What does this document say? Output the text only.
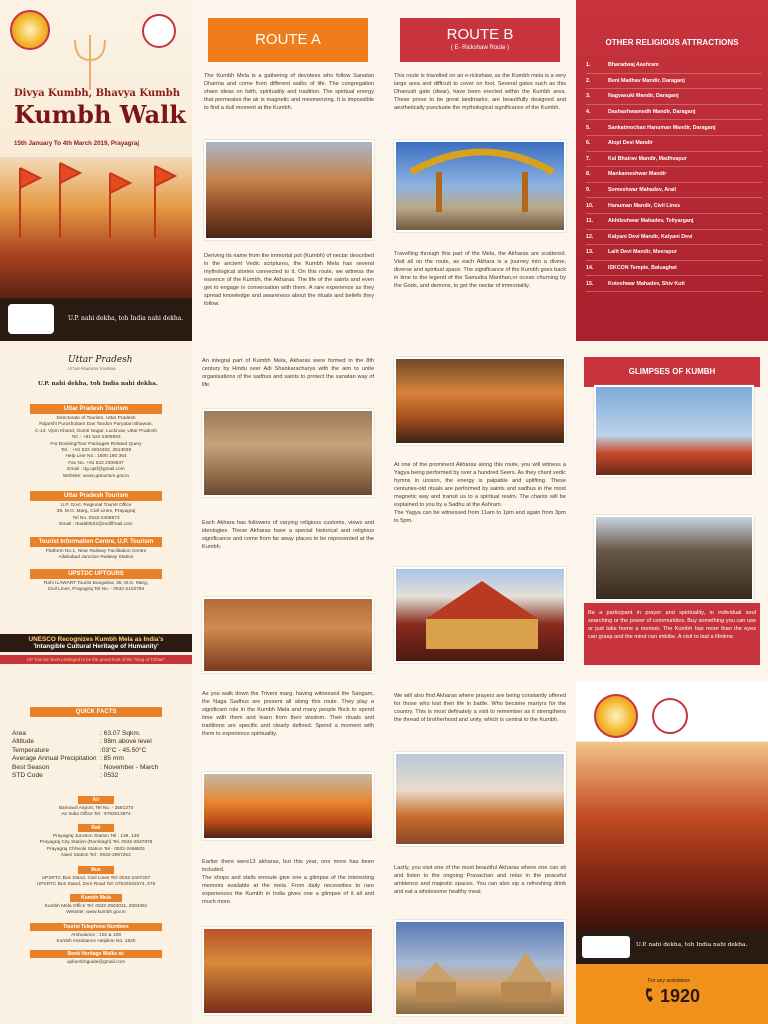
Divya Kumbh, Bhavya Kumbh
Kumbh Walk
15th January To 4th March 2019, Prayagraj
U.P. nahi dekha, toh India nahi dekha.
ROUTE A
The Kumbh Mela is a gathering of devotees who follow Sanatan Dharma and come from different walks of life. The congregation share ideas on faith, spirituality and tradition. The spiritual energy that permeates the air is magnetic and mesmerizing. It is impossible to find a dull moment at the Kumbh.
Deriving its name from the immortal pot (Kumbh) of nectar described in the ancient Vedic scriptures, the Kumbh Mela has several mythological stories connected to it. On this route, we witness the essence of the Kumbh, the Akharas. The life of the saints and even get to engage in conversation with them. A rare experience as they spread knowledge and awareness about the rituals and beliefs they follow.
ROUTE B
( E- Rickshaw Route )
This route is travelled on an e-rickshaw, as the Kumbh mela is a very large area and difficult to cover on foot. Several gates such as this Dhanush gate (dwar), have been erected within the Kumbh area. These prove to be great landmarks, are beautifully designed and aesthetically punctuate the mythological significance of the Kumbh.
Travelling through this part of the Mela, the Akharas are scattered. Visit all on the route, as each Akhara is a journey into a divine, diverse and spiritual space. The significance of the Kumbh goes back in time to the legend of the Samudra Manthan,or ocean churning by the Gods, and demons, to get the nectar of immortality.
OTHER RELIGIOUS ATTRACTIONS
1.	Bharadwaj Aashram
2.	Beni Madhav Mandir, Daraganj
3.	Nagvasuki Mandir, Daraganj
4.	Dashashwamedh Mandir, Daraganj
5.	Sankatmochan Hanuman Mandir, Daraganj
6.	Alopi Devi Mandir
7.	Kal Bhairav Mandir, Madhvapur
8.	Mankameshwar Mandir
9.	Someshwar Mahadev, Arail
10.	Hanuman Mandir, Civil Lines
11.	Akhileshwar Mahadev, Teliyarganj
12.	Kalyani Devi Mandir, Kalyani Devi
13.	Lalit Devi Mandir, Meerapur
14.	ISKCON Temple, Baluaghat
15.	Koteshwar Mahadev, Shiv Kuti
Uttar Pradesh
UTTAR PRADESH TOURISM
U.P. nahi dekha, toh India nahi dekha.
Uttar Pradesh Tourism
Directorate of Tourism, Uttar Pradesh
Rajarshi Purushottam Das Tandon Paryatan Bhawan,
C-13, Vipin Khand, Gomti Nagar, Lucknow, Uttar Pradesh
Tel. : +91 522-2308993
For Booking/Tour Packages Related Query
Tel. : +91 522 4004402, 2613639
Help Line No.: 1800 180 364
Fax No. +91 522 2308937
Email : dg.uptf@gmail.com
Website: www.uptourism.gov.in
Uttar Pradesh Tourism
U.P. Govt. Regional Tourist Office
35, M.G. Marg, Civil Lines, Prayagraj
Tel No. 0532-2408873
Email : rtoald0532@rediffmail.com
Tourist Information Centre, U.P. Tourism
Platform No.1, Near Railway Facilitation Centre
Allahabad Junction Railway Station
UPSTDC UPTOURS
Rahi ILAWART Tourist Bungalow, 35, M.G. Marg,
Civil Lines, Prayagraj Tel No. - 0532-2102784
UNESCO Recognizes Kumbh Mela as India's
'Intangible Cultural Heritage of Humanity'
UP Tourism feels privileged to be the proud host of the "King of Tirthas"
An integral part of Kumbh Mela, Akharas were formed in the 8th century by Hindu seer Adi Shankaracharya with the aim to unite organisations of the sadhus and saints to protect the sanatan way of life.
Each Akhara has followers of varying religious customs, views and ideologies. These Akharas have a special historical and religious significance and come from far away places to be represented at the Kumbh.
At one of the prominent Akharas along this route, you will witness a Yagya being performed by over a hundred Seers. As they chant vedic hymns in unison, the energy is palpable and uplifting. These centuries-old rituals are performed by saints and sadhus in the most magnetic way and transit us to a spiritual realm. The chants will be explained to you by a Sadhu at the Ashram.
The Yagya can be witnessed from 11am to 1pm and again from 3pm to 5pm.
GLIMPSES OF KUMBH
Be a participant in prayer and spirituality, in individual soul searching or the power of communities. Buy something you can use or just take home a memoir. The Kumbh has more than the eyes can grasp and the mind can imbibe. A visit to last a lifetime.
QUICK FACTS
Area	: 63.07 Sqkm.
Altitude	: 98m above level
Temperature	:03°C - 45.50°C
Average Annual Precipitation : 85 mm
Best Season	: November - March
STD Code	: 0532
Air
Bamrauli Airport, Tel No. - 2581370
Air India Office Tel : 9793013874
Rail
Prayagraj Junction Station Tel : 138, 139
Prayagraj City Station (Rambagh) Tel. 0532-2537978
Prayagraj Chheoki Station Tel - 0532-2466831
Naini Station Tel : 0532-2697252
Bus
UPSRTC Bus Stand, Civil Lines Tel: 0532-2407257
UPSRTC Bus Stand, Zero Road Tel: 07525022574, 576
Kumbh Mela
Kumbh Mela Office Tel: 0532-2504011, 2504361
Website: www.kumbh.gov.in
Tourist Telephone Numbers
Ambulance : 102 & 108
Kumbh Assistance Helpline No. 1920
Book Heritage Walks at:
upkumbhguide@gmail.com
As you walk down the Triveni marg, having witnessed the Sangam, the Naga Sadhus are present all along this route. They play a significant role in the Kumbh Mela and many people flock to spend time with them and learn from their wisdom. Their rituals and traditions are specific and clearly defined. Spend a moment with them to experience spirituality.
Earlier there were13 akharas, but this year, one more has been included.
The shops and stalls enroute give one a glimpse of the interesting memoirs available at the mela. From daily necessities to rare experiences the Kumbh in India gives one a glimpse of it all and much more.
We will also find Akharas where prayers are being constantly offered for those who lost their life in battle. Who became martyrs for the country. This is most definately a visit to remember as it strengthens the thread of brotherhood and unity, which is central to the Kumbh.
Lastly, you visit one of the most beautiful Akharas where one can sit and listen to the ongoing Pravachan and relax in the peaceful ambience and majestic spaces. You can also sip a refreshing drink and eat a wholesome healthy meal.
U.P. nahi dekha, toh India nahi dekha.
For any assistance
1920
